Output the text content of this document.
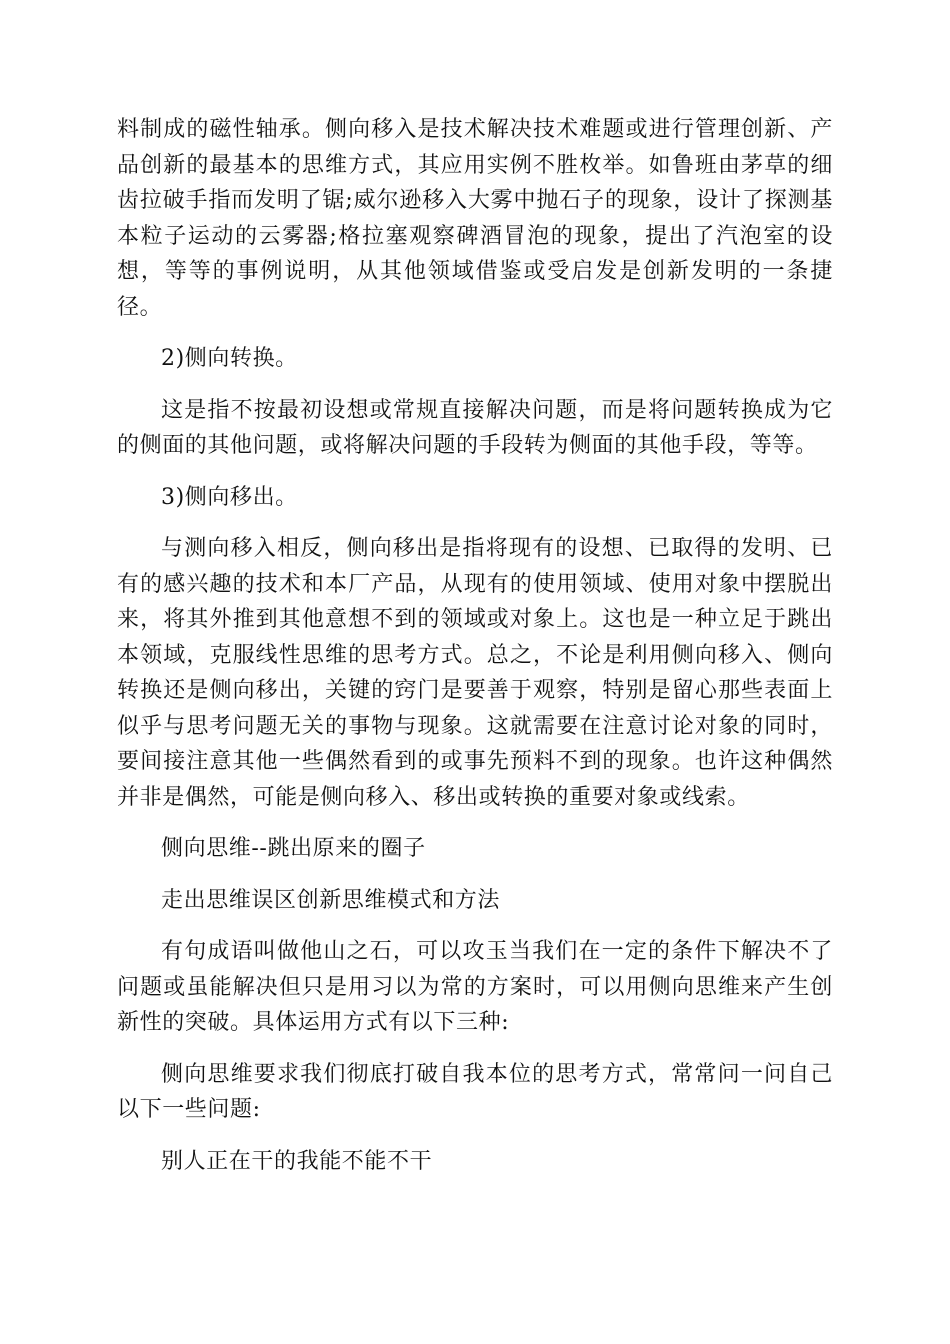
料制成的磁性轴承。侧向移入是技术解决技术难题或进行管理创新、产品创新的最基本的思维方式，其应用实例不胜枚举。如鲁班由茅草的细齿拉破手指而发明了锯;威尔逊移入大雾中抛石子的现象，设计了探测基本粒子运动的云雾器;格拉塞观察碑酒冒泡的现象，提出了汽泡室的设想，等等的事例说明，从其他领域借鉴或受启发是创新发明的一条捷径。

2)侧向转换。

这是指不按最初设想或常规直接解决问题，而是将问题转换成为它的侧面的其他问题，或将解决问题的手段转为侧面的其他手段，等等。

3)侧向移出。

与测向移入相反，侧向移出是指将现有的设想、已取得的发明、已有的感兴趣的技术和本厂产品，从现有的使用领域、使用对象中摆脱出来，将其外推到其他意想不到的领域或对象上。这也是一种立足于跳出本领域，克服线性思维的思考方式。总之，不论是利用侧向移入、侧向转换还是侧向移出，关键的窍门是要善于观察，特别是留心那些表面上似乎与思考问题无关的事物与现象。这就需要在注意讨论对象的同时，要间接注意其他一些偶然看到的或事先预料不到的现象。也许这种偶然并非是偶然，可能是侧向移入、移出或转换的重要对象或线索。

侧向思维--跳出原来的圈子

走出思维误区创新思维模式和方法

有句成语叫做他山之石，可以攻玉当我们在一定的条件下解决不了问题或虽能解决但只是用习以为常的方案时，可以用侧向思维来产生创新性的突破。具体运用方式有以下三种:

侧向思维要求我们彻底打破自我本位的思考方式，常常问一问自己以下一些问题:

别人正在干的我能不能不干
